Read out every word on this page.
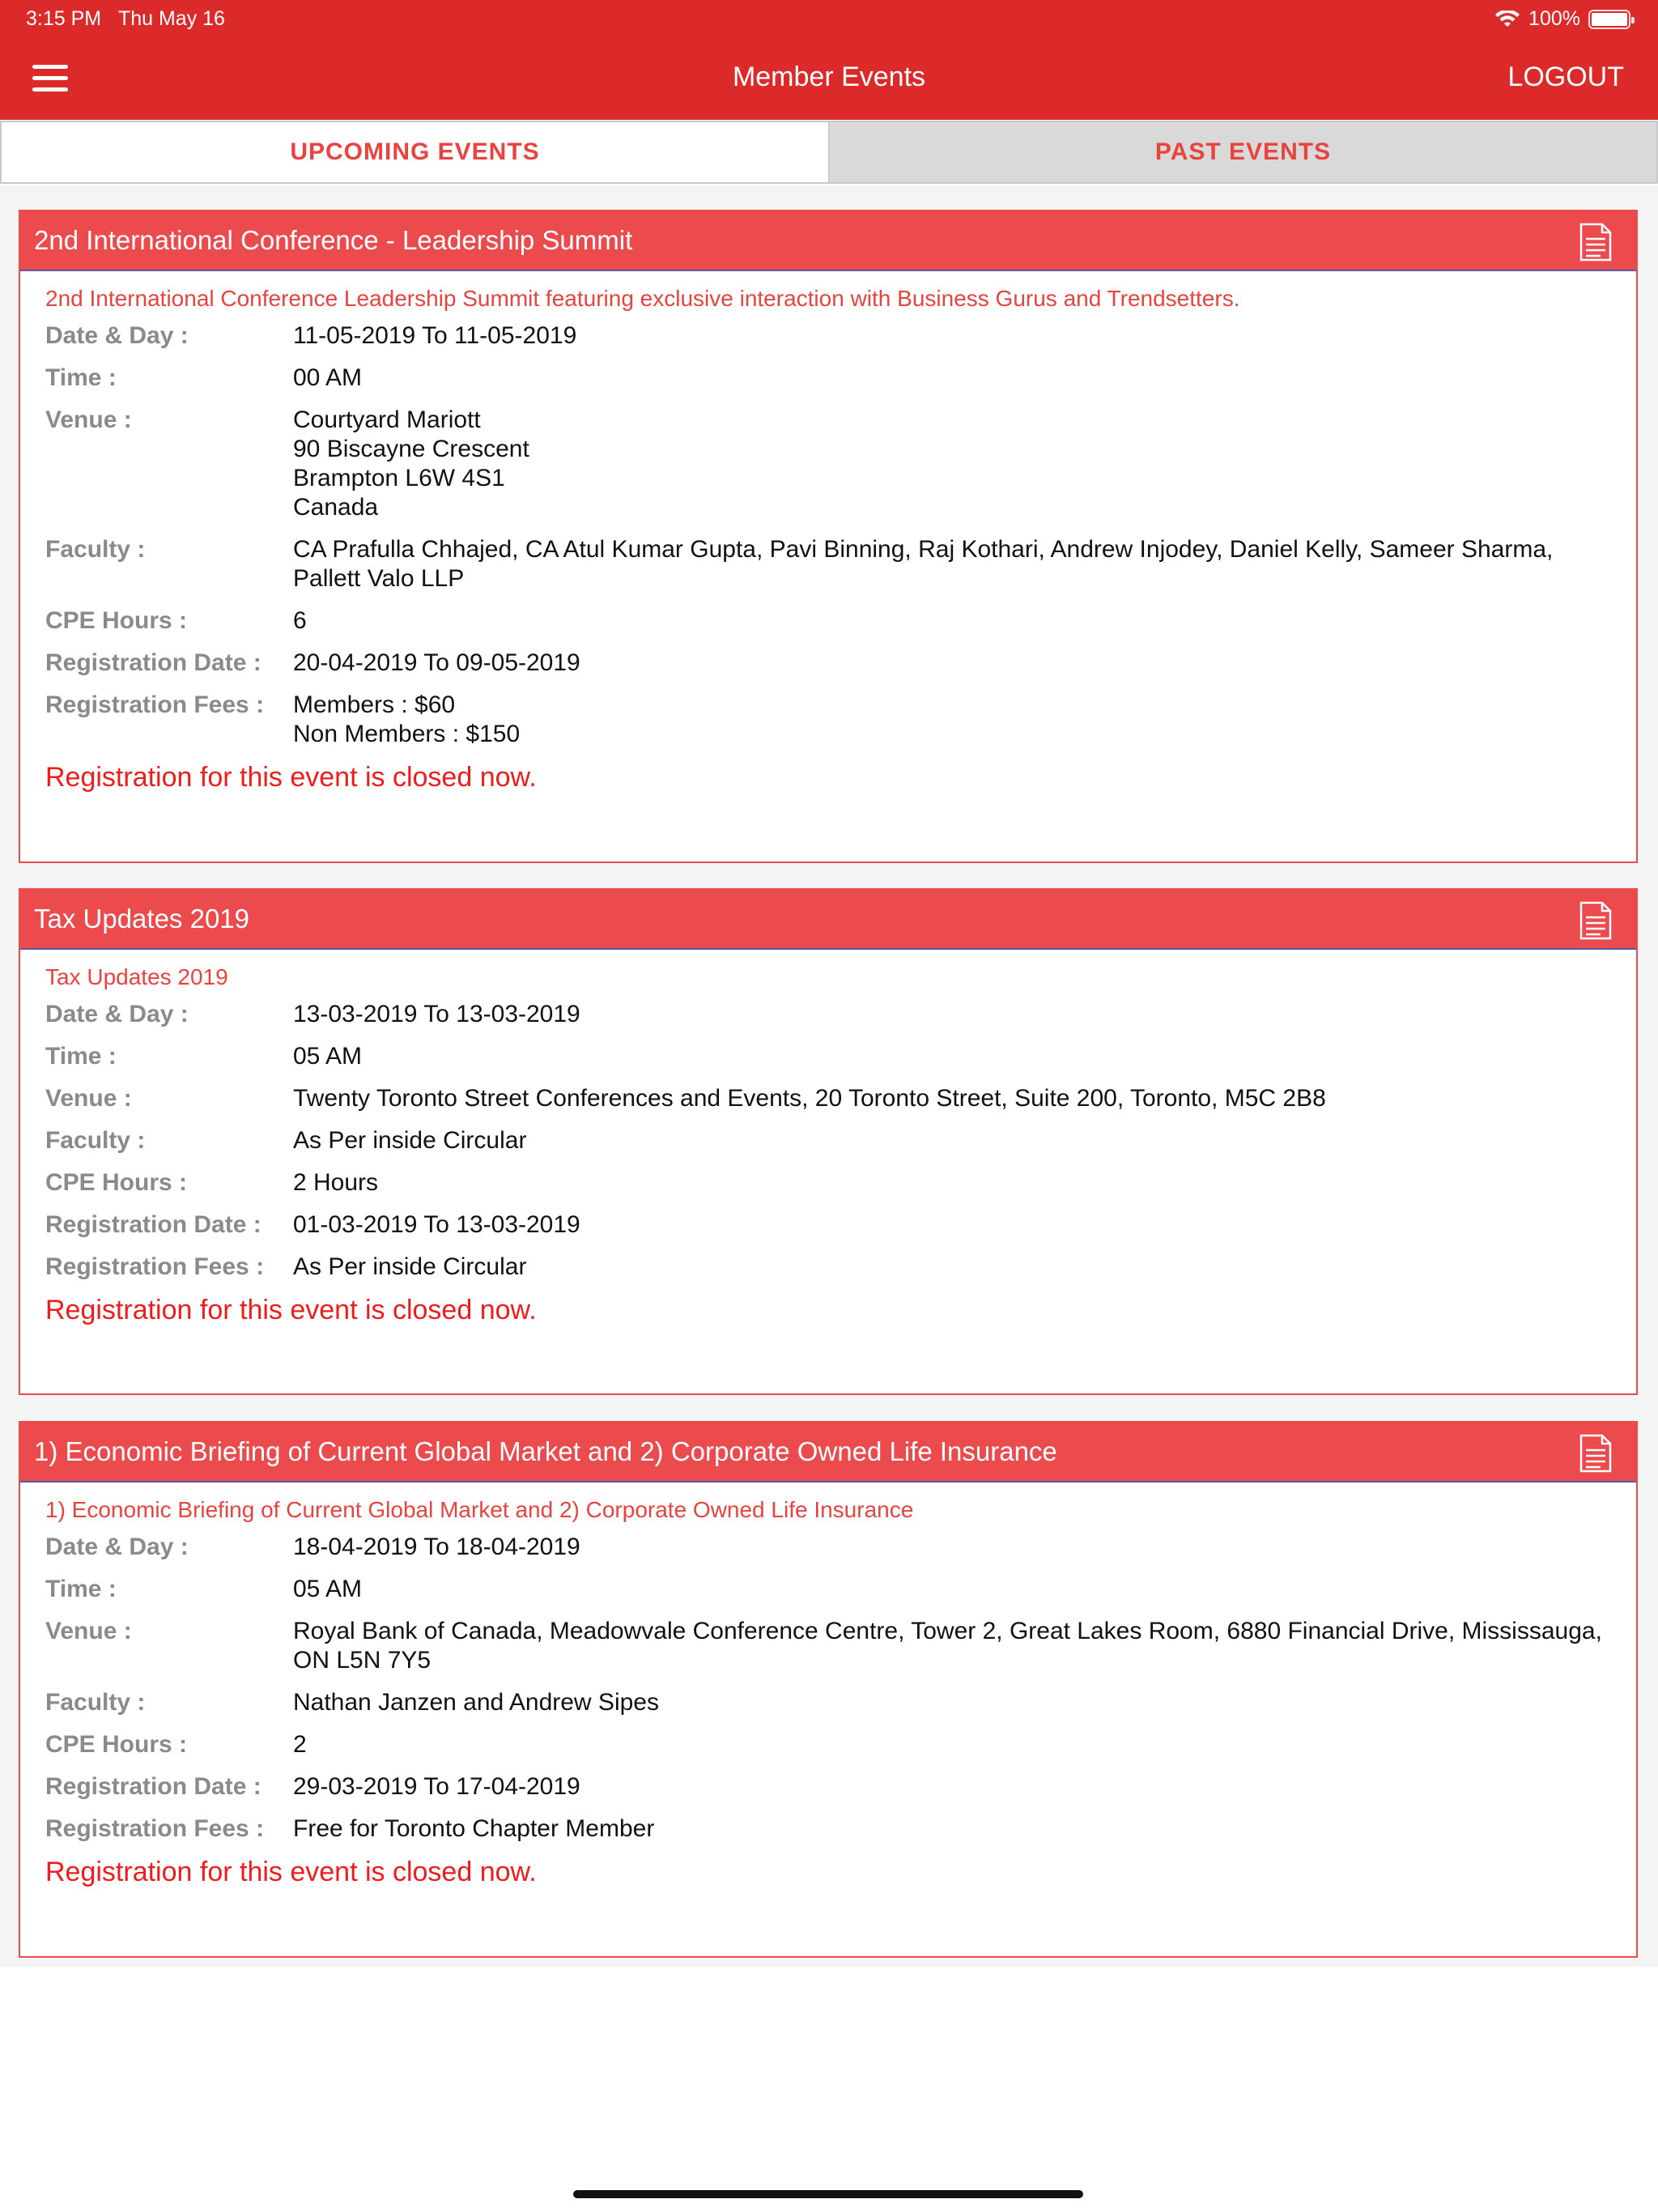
3:15 PM Thu May 16	100%
Member Events	LOGOUT
UPCOMING EVENTS	PAST EVENTS
2nd International Conference - Leadership Summit
2nd International Conference Leadership Summit featuring exclusive interaction with Business Gurus and Trendsetters.
Date & Day :	11-05-2019 To 11-05-2019
Time :	00 AM
Venue :	Courtyard Mariott
90 Biscayne Crescent
Brampton L6W 4S1
Canada
Faculty :	CA Prafulla Chhajed, CA Atul Kumar Gupta, Pavi Binning, Raj Kothari, Andrew Injodey, Daniel Kelly, Sameer Sharma, Pallett Valo LLP
CPE Hours :	6
Registration Date :	20-04-2019 To 09-05-2019
Registration Fees :	Members : $60
Non Members : $150
Registration for this event is closed now.
Tax Updates 2019
Tax Updates 2019
Date & Day :	13-03-2019 To 13-03-2019
Time :	05 AM
Venue :	Twenty Toronto Street Conferences and Events, 20 Toronto Street, Suite 200, Toronto, M5C 2B8
Faculty :	As Per inside Circular
CPE Hours :	2 Hours
Registration Date :	01-03-2019 To 13-03-2019
Registration Fees :	As Per inside Circular
Registration for this event is closed now.
1) Economic Briefing of Current Global Market and 2) Corporate Owned Life Insurance
1) Economic Briefing of Current Global Market and 2) Corporate Owned Life Insurance
Date & Day :	18-04-2019 To 18-04-2019
Time :	05 AM
Venue :	Royal Bank of Canada, Meadowvale Conference Centre, Tower 2, Great Lakes Room, 6880 Financial Drive, Mississauga, ON L5N 7Y5
Faculty :	Nathan Janzen and Andrew Sipes
CPE Hours :	2
Registration Date :	29-03-2019 To 17-04-2019
Registration Fees :	Free for Toronto Chapter Member
Registration for this event is closed now.
